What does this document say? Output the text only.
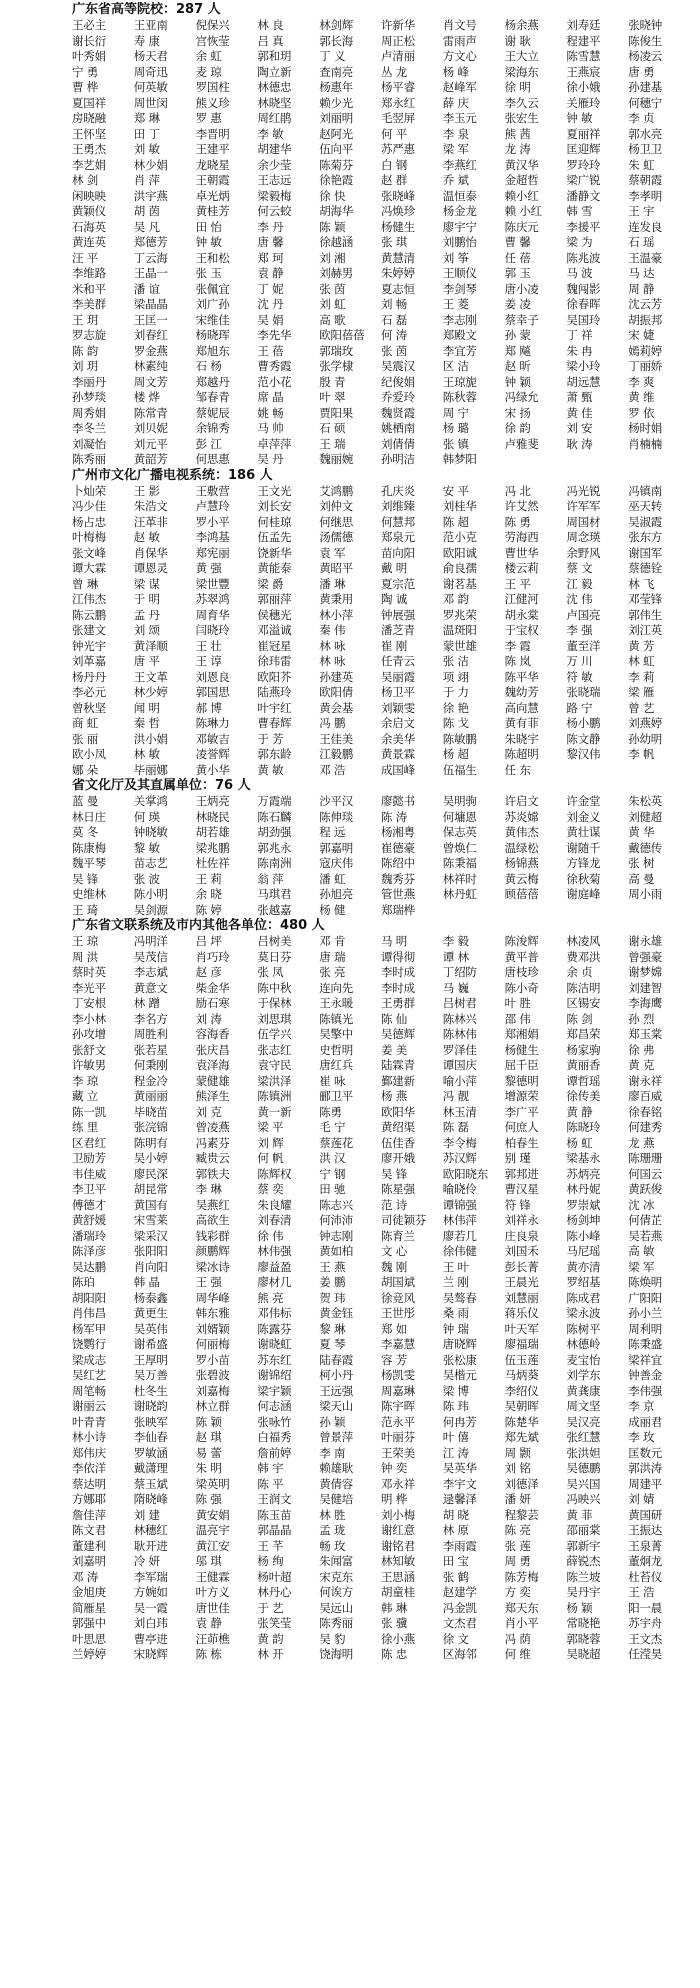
广东省高等院校：287 人
王必主	王亚南	倪保兴	林 良	林剑辉	许新华	肖文号	杨余燕	刘寿廷	张晓钟
谢长衍	寿 康	宫恢莹	吕 真	郭长海	周正松	雷雨声	谢 耿	程建平	陈俊生
叶秀娟	杨天君	余 虹	郭和玥	丁 义	卢清丽	方文心	王大立	陈雪慧	杨凌云
宁 勇	周奇迅	麦 琼	陶立新	查南亮	丛 龙	杨 峰	梁海东	王燕宸	唐 勇
曹 桦	何英敏	罗国柱	林德忠	杨惠年	杨平睿	赵峰军	徐 明	徐小娥	孙建基
夏国祥	周世闵	熊义珍	林晓坚	赖少光	郑永红	薛 庆	李久云	关雁玲	何穗宁
房晓融	郑 琳	罗 惠	周红鹃	刘丽明	毛翌屏	李玉元	张宏生	钟 敏	李 贞
王怀坚	田 丁	李晋明	李 敏	赵阿光	何 平	李 泉	熊 茜	夏丽祥	郭水亮
王勇杰	刘 敏	王建平	胡建华	伍向平	苏严惠	梁 军	龙 涛	匡迎辉	杨卫卫
李艺娟	林少娟	龙晓星	余少莹	陈菊芬	白 钢	李燕红	黄汉华	罗玲玲	朱 虹
林 剑	肖 萍	王朝霞	王志远	徐艳霞	赵 群	乔 斌	金超哲	梁广锐	蔡朝霞
闲映映	洪宇燕	卓光炳	梁毅梅	徐 快	张晓峰	温恒泰	赖小红	潘静文	李孝明
黄颖仪	胡 茵	黄桂芳	何云蛟	胡海华	冯焕珍	杨金龙	赖 小红	韩 雪	王 宇
石海英	吴 凡	田 怡	李 丹	陈 颖	杨健生	廖宇宁	陈庆元	李援平	连发良
黄连英	郑德芳	钟 敏	唐 馨	徐越涵	张 琪	刘鹏怡	曹 馨	梁 为	石 瑶
汪 平	丁云海	王和松	郑 珂	刘 湘	黄慧清	刘 筝	任 蓓	陈兆波	王温豪
李维路	王晶一	张 玉	袁 静	刘赫男	朱婷婷	王顺仪	郭 玉	马 波	马 达
米和平	潘 谊	张佩宜	丁 妮	张 茵	夏志恒	李剑琴	唐小凌	魏闯影	周 静
李美群	梁晶晶	刘广孙	沈 丹	刘 虹	刘 畅	王 菱	姜 凌	徐春晖	沈云芳
王 玥	王匡一	宋维佳	吴 娟	高 歌	石 磊	李志刚	蔡幸子	吴国玲	胡振邦
罗志旋	刘春红	杨晓珲	李先华	欧阳蓓蓓	何 涛	郑殿文	孙 蒙	丁 祥	宋 婕
陈 韵	罗金燕	郑旭东	王 蓓	郭瑞玫	张 茵	李宜芳	郑 飚	朱 冉	嫣莉婷
刘 玥	林素纯	石 杨	曹秀霞	张学棣	吴震汉	区 洁	赵 昕	梁小玲	丁丽娇
李丽丹	周文芳	郑越丹	范小花	殷 青	纪俊娟	王琼旎	钟 颖	胡远慧	李 爽
孙梦琰	楼 烨	邹春青	席 晶	叶 翠	乔爱玲	陈秋蓉	冯绿允	萧 甄	黄 维
周秀娟	陈常青	蔡妮辰	姚 畅	贾阳果	魏贤霞	周 宁	宋 扬	黄 佳	罗 依
李冬兰	刘贝妮	余锦秀	马 帅	石 硕	姚栖南	杨 璐	徐 韵	刘 安	杨时娟
刘凝怡	刘元平	彭 江	卓萍萍	王 瑞	刘倩倩	张 镇	卢雅斐	耿 涛	肖楠楠
陈秀丽	黄韶芳	何思惠	吴 丹	魏丽婉	孙明洁	韩梦阳
广州市文化广播电视系统：186 人
卜灿荣	王 影	王敷营	王文光	艾鸿鹏	孔庆炎	安 平	冯 北	冯光锐	冯镇南
冯少佳	朱浩文	卢慧玲	刘长安	刘仲文	刘维臻	刘桂华	许艾然	许军军	巫天转
杨占忠	汪革非	罗小平	何桂琼	何继思	何慧邦	陈 超	陈 勇	周国材	吴淑霞
叶梅梅	赵 敏	李鸿基	伍孟先	汤儒德	郑泉元	范小克	劳海西	周念瑛	张东方
张文峰	肖保华	郑宪丽	饶新华	袁 军	苗向阳	欧阳诚	曹世华	余野风	谢国军
谭大霖	谭恩灵	黄 强	黄能泰	黄昭平	戴 明	俞良孺	楼云莉	蔡 文	蔡德铨
曾 琳	梁 谋	梁世豐	梁 爵	潘 琳	夏宗范	谢茗基	王 平	江 毅	林 飞
江伟杰	于 明	苏翠鸿	郭丽萍	黄秉用	陶 诚	邓 韵	江健河	沈 伟	邓莹锋
陈云鹏	孟 丹	周育华	侯穗光	林小萍	钟展强	罗兆荣	胡永棠	卢国亮	郭伟生
张建文	刘 颂	闫晓玲	邓溢诚	秦 伟	潘芝青	温斑阳	于宝权	李 强	刘江英
钟光宇	黄泽顺	王 壮	崔冠星	林 咏	崔 刚	蒙世雄	李 霞	董至洋	黄 芳
刘革嘉	唐 平	王 谆	徐玮雷	林 咏	任青云	张 洁	陈 岚	万 川	林 虹
杨丹丹	王文革	刘恩良	欧阳芥	孙建英	吴丽霞	项 翊	陈平华	符 敏	李 莉
李必元	林少婷	郭国思	陆燕玲	欧阳倩	杨卫平	于 力	魏幼芳	张晓瑞	梁 雁
曾秋坚	闻 明	郝 博	叶宇红	黄会基	刘颖雯	徐 艳	高向慧	路 宁	曾 艺
商 虹	秦 哲	陈琳力	曹春辉	冯 鹏	余启文	陈 戈	黄有菲	杨小鹏	刘燕婷
张 丽	洪小娟	邓敏吉	于 芳	王佳美	余美华	陈敏鹏	朱晓宇	陈文静	孙幼明
欧小凤	林 敏	凌誉辉	郭东龄	江毅鹏	黄景霖	杨 超	陈超明	黎汉伟	李 帆
娜 朵	毕丽娜	黄小华	黄 敏	邓 浩	成国峰	伍福生	任 东
省文化厅及其直属单位：76 人
蓝 曼	关掌鸿	王炳亮	万霞端	沙平汉	廖懿书	吴明驹	许启文	许金堂	朱松英
林日庄	何 瑛	林晓民	陈石麟	陈伸琰	陈 涛	何墉恩	苏炎嫦	刘金义	刘健超
莫 冬	钟晓敏	胡若雄	胡劲强	程 远	杨湘粤	保志英	黄伟杰	黄壮谋	黄 华
陈康梅	黎 敏	梁兆鹏	郭兆永	郭嘉明	崔德豪	曾焕仁	温绿松	谢随千	戴德传
魏平琴	苗志艺	杜佐祥	陈南洲	寇庆伟	陈绍中	陈秉福	杨锦燕	方锋龙	张 树
吴 锋	张 波	王 莉	翁 萍	潘 虹	魏秀芬	林祥时	黄云梅	徐秋菊	高 曼
史维林	陈小明	余 晓	马琪君	孙旭亮	管世燕	林丹虹	顾蓓蓓	谢庭峰	周小雨
王 琦	吴剑源	陈 婷	张越嘉	杨 健	郑瑞桦
广东省文联系统及市内其他各单位：480 人
王 琼	冯明洋	吕 坪	吕树美	邓 肯	马 明	李 毅	陈浚辉	林凌风	谢永雄
周 洪	吴茂信	肖巧玲	莫日芬	唐 瑞	谭得彻	谭 林	黄平普	费邓洪	曾强豪
蔡时英	李志斌	赵 彦	张 凤	张 亮	李时成	丁绍防	唐枝珍	余 贞	谢梦嫦
李光平	黄意文	柴金华	陈中秋	连向先	李时成	马 巍	陈小奇	陈洁明	刘建智
丁安根	林 蹭	励石寒	于保林	王永暖	王勇群	吕树君	叶 胜	区锡安	李海鹰
李小林	李名方	刘 涛	刘思琪	陈镇光	陈 仙	陈林兴	邵 伟	陈 剑	孙 烈
孙攻增	周胜利	容海香	伍学兴	吴擎中	吴德辉	陈林伟	郑湘娟	郑昌荣	郑玉棠
张舒文	张若星	张庆昌	张志红	史哲明	姜 美	罗泽佳	杨健生	杨家驹	徐 弗
许敏男	何秉刚	袁泽海	袁守民	唐红兵	陆霖青	谭国庆	屈千臣	黄丽香	黄 克
李 琼	程金冷	蒙健雄	梁洪泽	崔 咏	鄞建新	喻小萍	黎德明	谭哲瑶	谢永祥
藏 立	黄丽丽	熊泽生	陈镇洲	郦卫平	杨 燕	冯 靓	增源荣	徐传美	廖百威
陈一凯	毕晓苗	刘 克	黄一新	陈勇	欧阳华	林玉清	李广平	黄 静	徐春铭
练 里	张浣锦	曾凌燕	梁 平	毛 宁	黄绍渠	陈 磊	何庶人	陈晓玲	何建秀
区君红	陈明有	冯素芬	刘 辉	蔡莲花	伍佳香	李令梅	柏春生	杨 虹	龙 燕
卫励芳	吴小婷	臧贵云	何 帆	洪 汉	廖开娥	苏汉辉	别 瑾	梁基永	陈珊珊
韦佳威	廖民深	郭铁夫	陈辉权	宁 钢	吴 锋	欧阳晓东	郭邦进	苏炳亮	何国云
李卫平	胡昆常	李 琳	蔡 奕	田 驰	陈星强	喻晓伶	曹汉星	林丹妮	黄跃俊
傅德才	黄国有	吴燕红	朱良耀	陈志兴	范 诗	谭锦强	符 锋	罗崇斌	沈 冰
黄舒媛	宋雪莱	高欲生	刘春清	何沛沛	司徒颖芬	林伟萍	刘祥永	杨剑坤	何倩芷
潘瑞玲	梁采汉	钱彩群	徐 伟	钟志刚	陈育兰	廖若几	庄良泉	陈小峰	吴若燕
陈泽彦	张阳阳	颜鹏辉	林伟强	黄如柏	文 心	徐伟健	刘国禾	马尼瑶	高 敏
吴达鹏	肖向阳	梁冰诗	廖益盈	王 燕	魏 刚	王 叶	彭长菁	黄亦清	梁 军
陈珀	韩 晶	王 强	廖材几	姜 鹏	胡国斌	兰 刚	王晨光	罗绍基	陈焕明
胡阳阳	杨泰鑫	周华峰	熊 亮	贺 玮	徐竞风	吴骜春	刘慧丽	陈成君	广阳阳
肖伟昌	黄更生	韩东雅	邓伟标	黄金钰	王世彤	桑 雨	蒋乐仪	梁永波	孙小兰
杨军甲	吴英伟	刘婿颖	陈露芬	黎 琳	郑 如	钟 瑞	叶天军	陈树平	周利明
饶鹦行	谢希盛	何丽梅	谢晓虹	夏 琴	李嘉慧	唐晓辉	廖福瑞	林德岭	陈秉盛
梁成志	王厚明	罗小苗	苏东红	陆春霞	容 芳	张松康	伍玉莲	麦宝怡	梁祥宜
吴红艺	吴万善	张碧波	谢锦绍	柯小丹	杨凯雯	吴楷元	马炳葵	刘学东	钟善金
周笔畅	杜冬生	刘嘉梅	梁宇颖	王远强	周嘉琳	梁 博	李绍仪	黄龚康	李伟强
谢丽云	谢晓韵	林立群	何志涵	梁天山	陈宇晖	陈 玮	吴朝晖	周文坚	李 京
叶青青	张映军	陈 颖	张咏竹	孙 颖	范永平	何冉芳	陈楚华	吴汉亮	成丽君
林小诗	李仙春	赵 琪	白福秀	曾景萍	叶丽芬	叶 僖	郑先斌	张红慧	李 玫
郑伟庆	罗敏涵	易 蕾	詹前婷	李 南	王荣美	江 涛	周 颢	张洪妲	匡数元
李依洋	戴潇理	朱 明	韩 宇	赖雄耿	钟 奕	吴英华	刘 铭	吴德鹏	郭洪涛
蔡达明	蔡玉斌	梁英明	陈 平	黄倩容	邓永祥	李宇文	刘德泽	吴兴国	周建平
方娜耶	隋晓峰	陈 强	王润文	吴健培	明 桦	逯馨泽	潘 妍	冯映兴	刘 婧
詹佳萍	刘 建	黄安娟	陈玉苗	林 胜	刘小梅	胡 晓	程黎芸	黄 菲	黄国研
陈文君	林穗红	温亮宇	郭晶晶	孟 珑	谢红意	林 原	陈 亮	邵丽棠	王振达
董建利	耿开进	黄江安	王 芊	畅 玫	谢铭君	李雨霞	张 莲	郭新宇	王泉菁
刘嘉明	冷 妍	邬 琪	杨 绚	朱闻富	林知敏	田 宝	周 勇	薛锐杰	董炯龙
邓 涛	李军瑞	王健霖	杨叶超	宋克东	王思涵	张 鹤	陈芳梅	陈兰坡	杜苔仪
金旭庚	方婉如	叶方义	林丹心	何诶方	胡童桂	赵建学	方 奕	吴丹宇	王 浩
简雁星	吴一霞	唐世佳	于 艺	吴远山	韩 琳	冯金凯	郑天东	杨 颖	阳一晨
郭强中	刘白玮	袁 静	张笑莹	陈秀丽	张 骥	文杰君	肖小平	常晓艳	苏宇舟
叶思思	曹亭进	汪茆樵	黄 韵	吴 豹	徐小燕	徐 文	冯 荫	郭晓蓉	王文杰
兰婷婷	宋晓辉	陈 栋	林 开	饶海明	陈 忠	区海邻	何 维	吴晓超	任滢昊
